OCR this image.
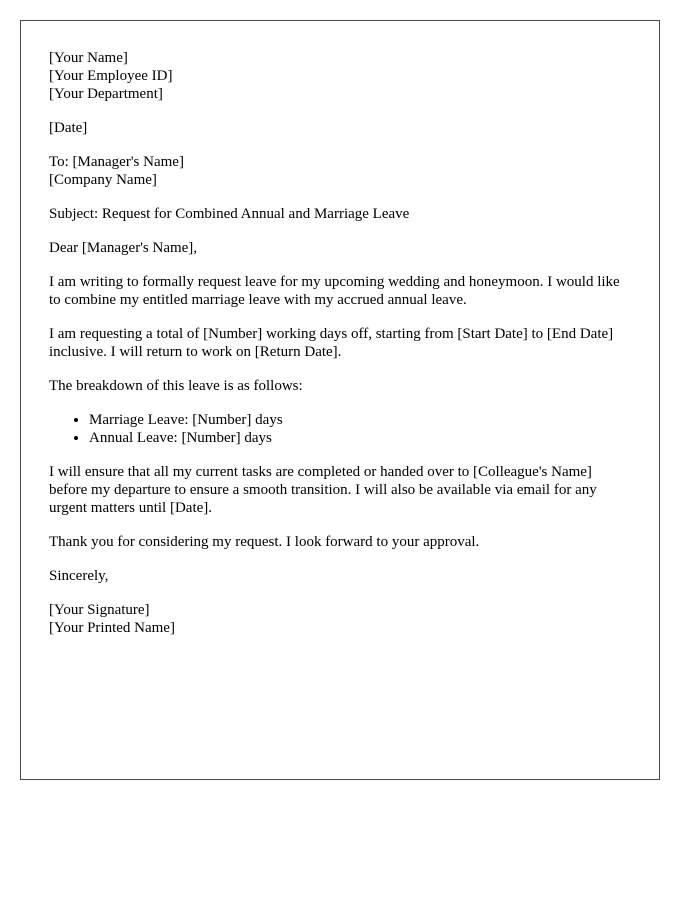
[Your Name]
[Your Employee ID]
[Your Department]
[Date]
To: [Manager's Name]
[Company Name]

Subject: Request for Combined Annual and Marriage Leave

Dear [Manager's Name],

I am writing to formally request leave for my upcoming wedding and honeymoon. I would like to combine my entitled marriage leave with my accrued annual leave.

I am requesting a total of [Number] working days off, starting from [Start Date] to [End Date] inclusive. I will return to work on [Return Date].

The breakdown of this leave is as follows:

• Marriage Leave: [Number] days
• Annual Leave: [Number] days

I will ensure that all my current tasks are completed or handed over to [Colleague's Name] before my departure to ensure a smooth transition. I will also be available via email for any urgent matters until [Date].

Thank you for considering my request. I look forward to your approval.

Sincerely,

[Your Signature]
[Your Printed Name]
